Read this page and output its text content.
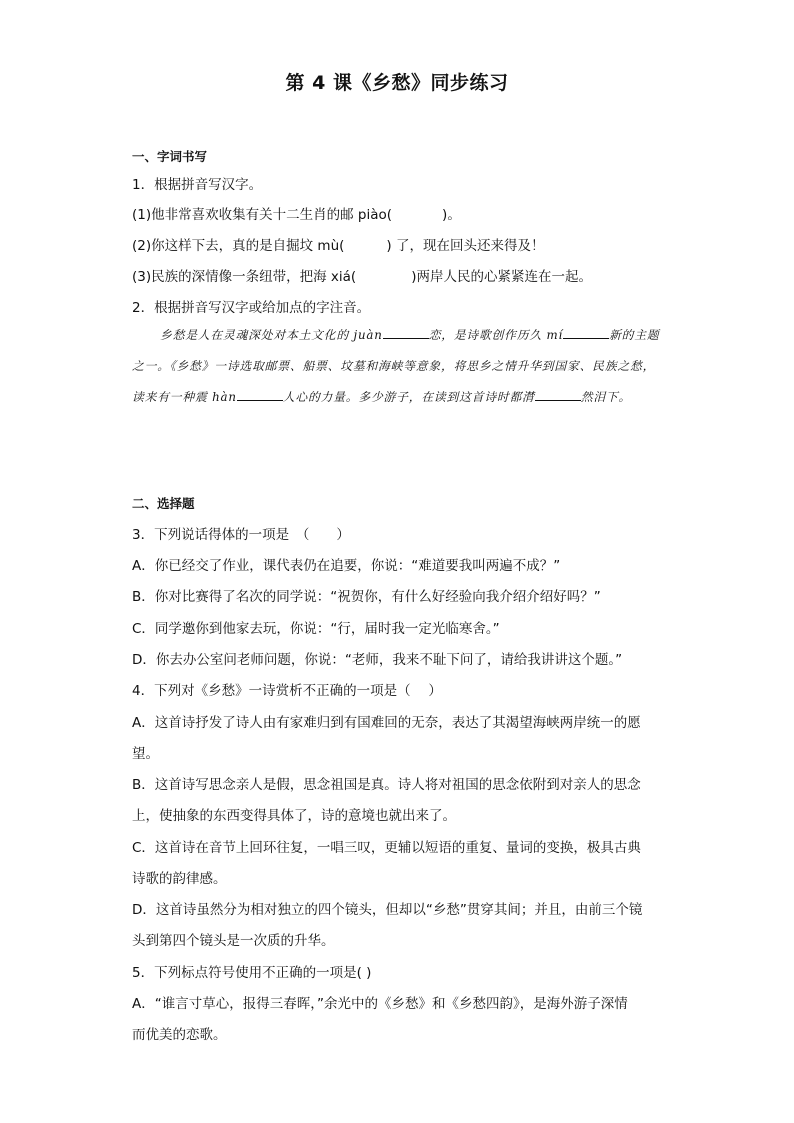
第 4 课《乡愁》同步练习
一、字词书写
1．根据拼音写汉字。
(1)他非常喜欢收集有关十二生肖的邮 piào(	)。
(2)你这样下去，真的是自掘坟 mù(	) 了，现在回头还来得及！
(3)民族的深情像一条纽带，把海 xiá(	)两岸人民的心紧紧连在一起。
2．根据拼音写汉字或给加点的字注音。
乡愁是人在灵魂深处对本土文化的 juàn	恋，是诗歌创作历久 mí	新的主题之一。《乡愁》一诗选取邮票、船票、坟墓和海峡等意象，将思乡之情升华到国家、民族之愁，读来有一种震 hàn	人心的力量。多少游子，在读到这首诗时都潸	然泪下。
二、选择题
3．下列说话得体的一项是　（　　）
A．你已经交了作业，课代表仍在追要，你说：“难道要我叫两遍不成？”
B．你对比赛得了名次的同学说：“祝贺你，有什么好经验向我介绍介绍好吗？”
C．同学邀你到他家去玩，你说：“行，届时我一定光临寒舍。”
D．你去办公室问老师问题，你说：“老师，我来不耻下问了，请给我讲讲这个题。”
4．下列对《乡愁》一诗赏析不正确的一项是（　 ）
A．这首诗抒发了诗人由有家难归到有国难回的无奈，表达了其渴望海峡两岸统一的愿
望。
B．这首诗写思念亲人是假，思念祖国是真。诗人将对祖国的思念依附到对亲人的思念
上，使抽象的东西变得具体了，诗的意境也就出来了。
C．这首诗在音节上回环往复，一唱三叹，更辅以短语的重复、量词的变换，极具古典
诗歌的韵律感。
D．这首诗虽然分为相对独立的四个镜头，但却以“乡愁”贯穿其间；并且，由前三个镜
头到第四个镜头是一次质的升华。
5．下列标点符号使用不正确的一项是( )
A．“谁言寸草心，报得三春晖，”余光中的《乡愁》和《乡愁四韵》，是海外游子深情
而优美的恋歌。
